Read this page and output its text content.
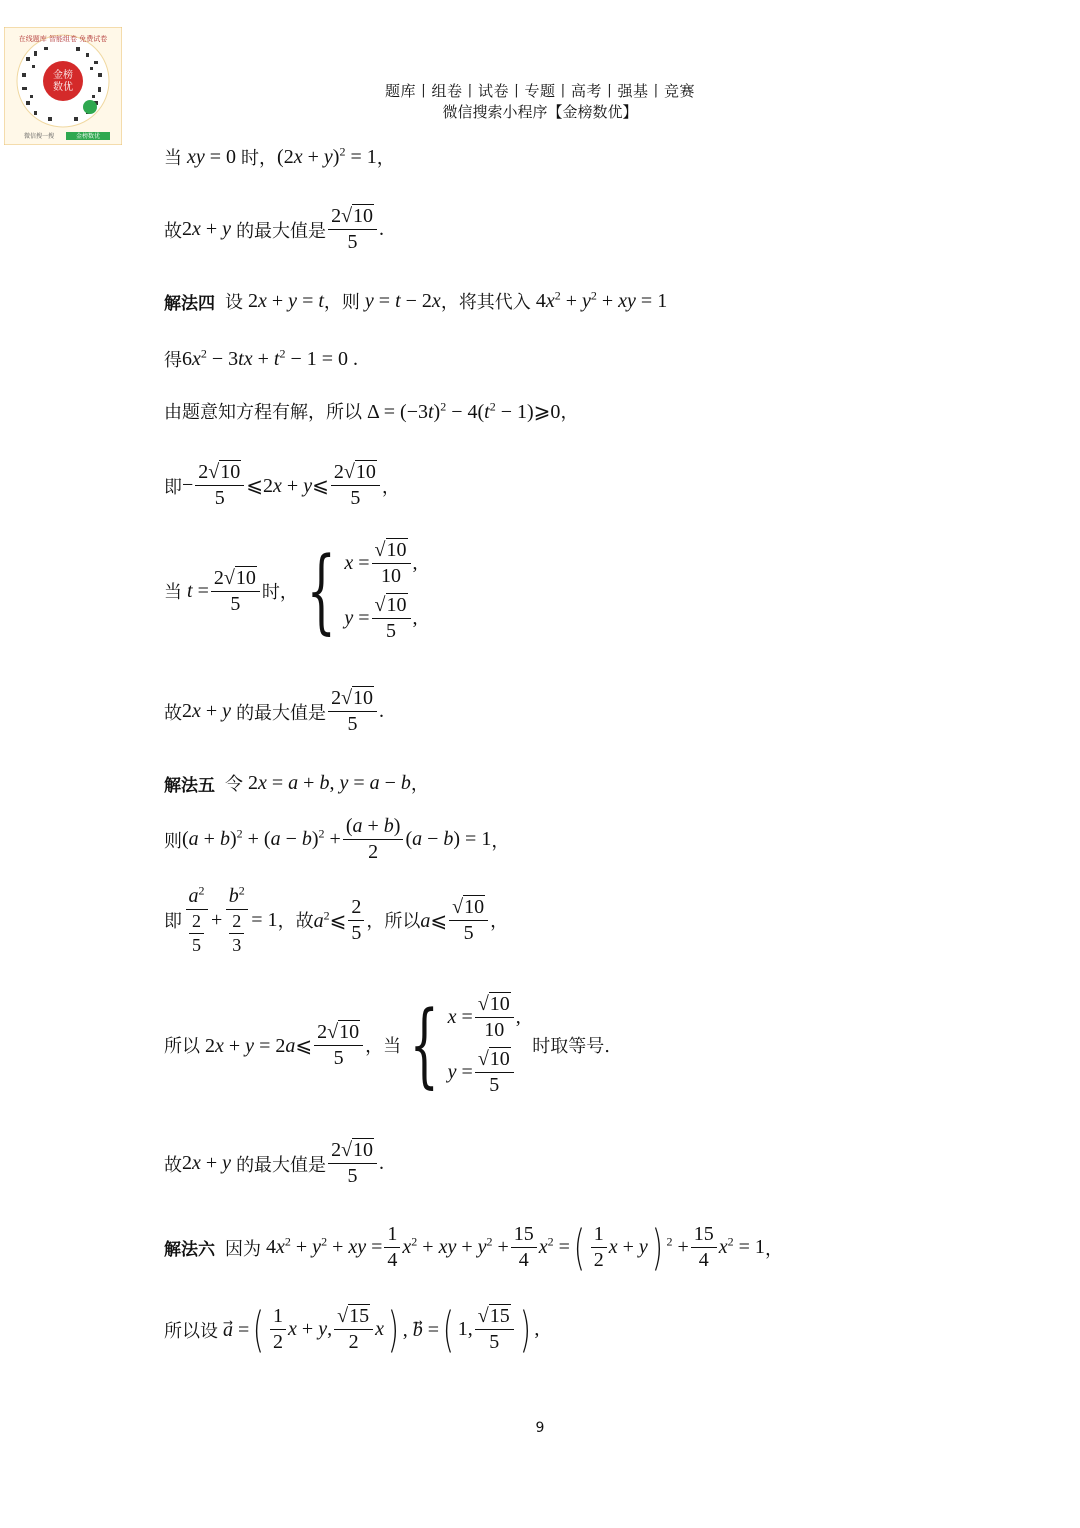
金榜
数优
在线题库 智能组卷 免费试卷
微信搜一搜	金榜数优
题库丨组卷丨试卷丨专题丨高考丨强基丨竞赛
微信搜索小程序【金榜数优】
当 xy = 0 时， $(2x + y)^2 = 1$ ，
故 2x + y 的最大值是 $\frac{2√10}{5}$ .
解法四 设 2x + y = t ， 则 y = t − 2x ， 将其代入 $4x^2 + y^2$ + xy = 1
得 $6x^2 - 3tx + t^2 - 1 = 0$ .
由题意知方程有解，所以 $\Delta = (-3t)^2 - 4(t^2$ − 1)⩾0 ，
即 − $\frac{2√10}{5}$ ⩽2x + y⩽ $\frac{2√10}{5}$ ，
当 $t = \frac{2√10}{5}$ 时， { $x = \frac{√10}{10}$ ,
$y = \frac{√10}{5}$ ,
故 2x + y 的最大值是 $\frac{2√10}{5}$ .
解法五 令 2x = a + b, y = a − b ，
则 $(a + b)^2 + (a - b)^2 + \frac{(a + b)}{2} (a - b) = 1$ ，
即 $\frac{a^2}{\frac{2}{5}} + \frac{b^2}{\frac{2}{3}} = 1$ ， 故 $a^2⩽ \frac{2}{5}$ ， 所以 a⩽ $\frac{√10}{5}$ ，
所以 2x + y = 2a⩽ $\frac{2√10}{5}$ ， 当 { $x = \frac{√10}{10}$ ,
$y = \frac{√10}{5}$

时取等号.
故 2x + y 的最大值是 $\frac{2√10}{5}$ .
解法六 因为 $4x^2 + y^2$ + xy = $\frac{1}{4} x^2$ + xy + $y^2 + \frac{15}{4} x^2$ = ( $\frac{1}{2}$ x + y ) $^2 + \frac{15}{4} x^2 = 1$ ，
所以设 a⃗ = ( $\frac{1}{2}$ x + y, $\frac{√15}{2}$ x ) , b⃗ = ( 1, $\frac{√15}{5}$ ) ,
9
